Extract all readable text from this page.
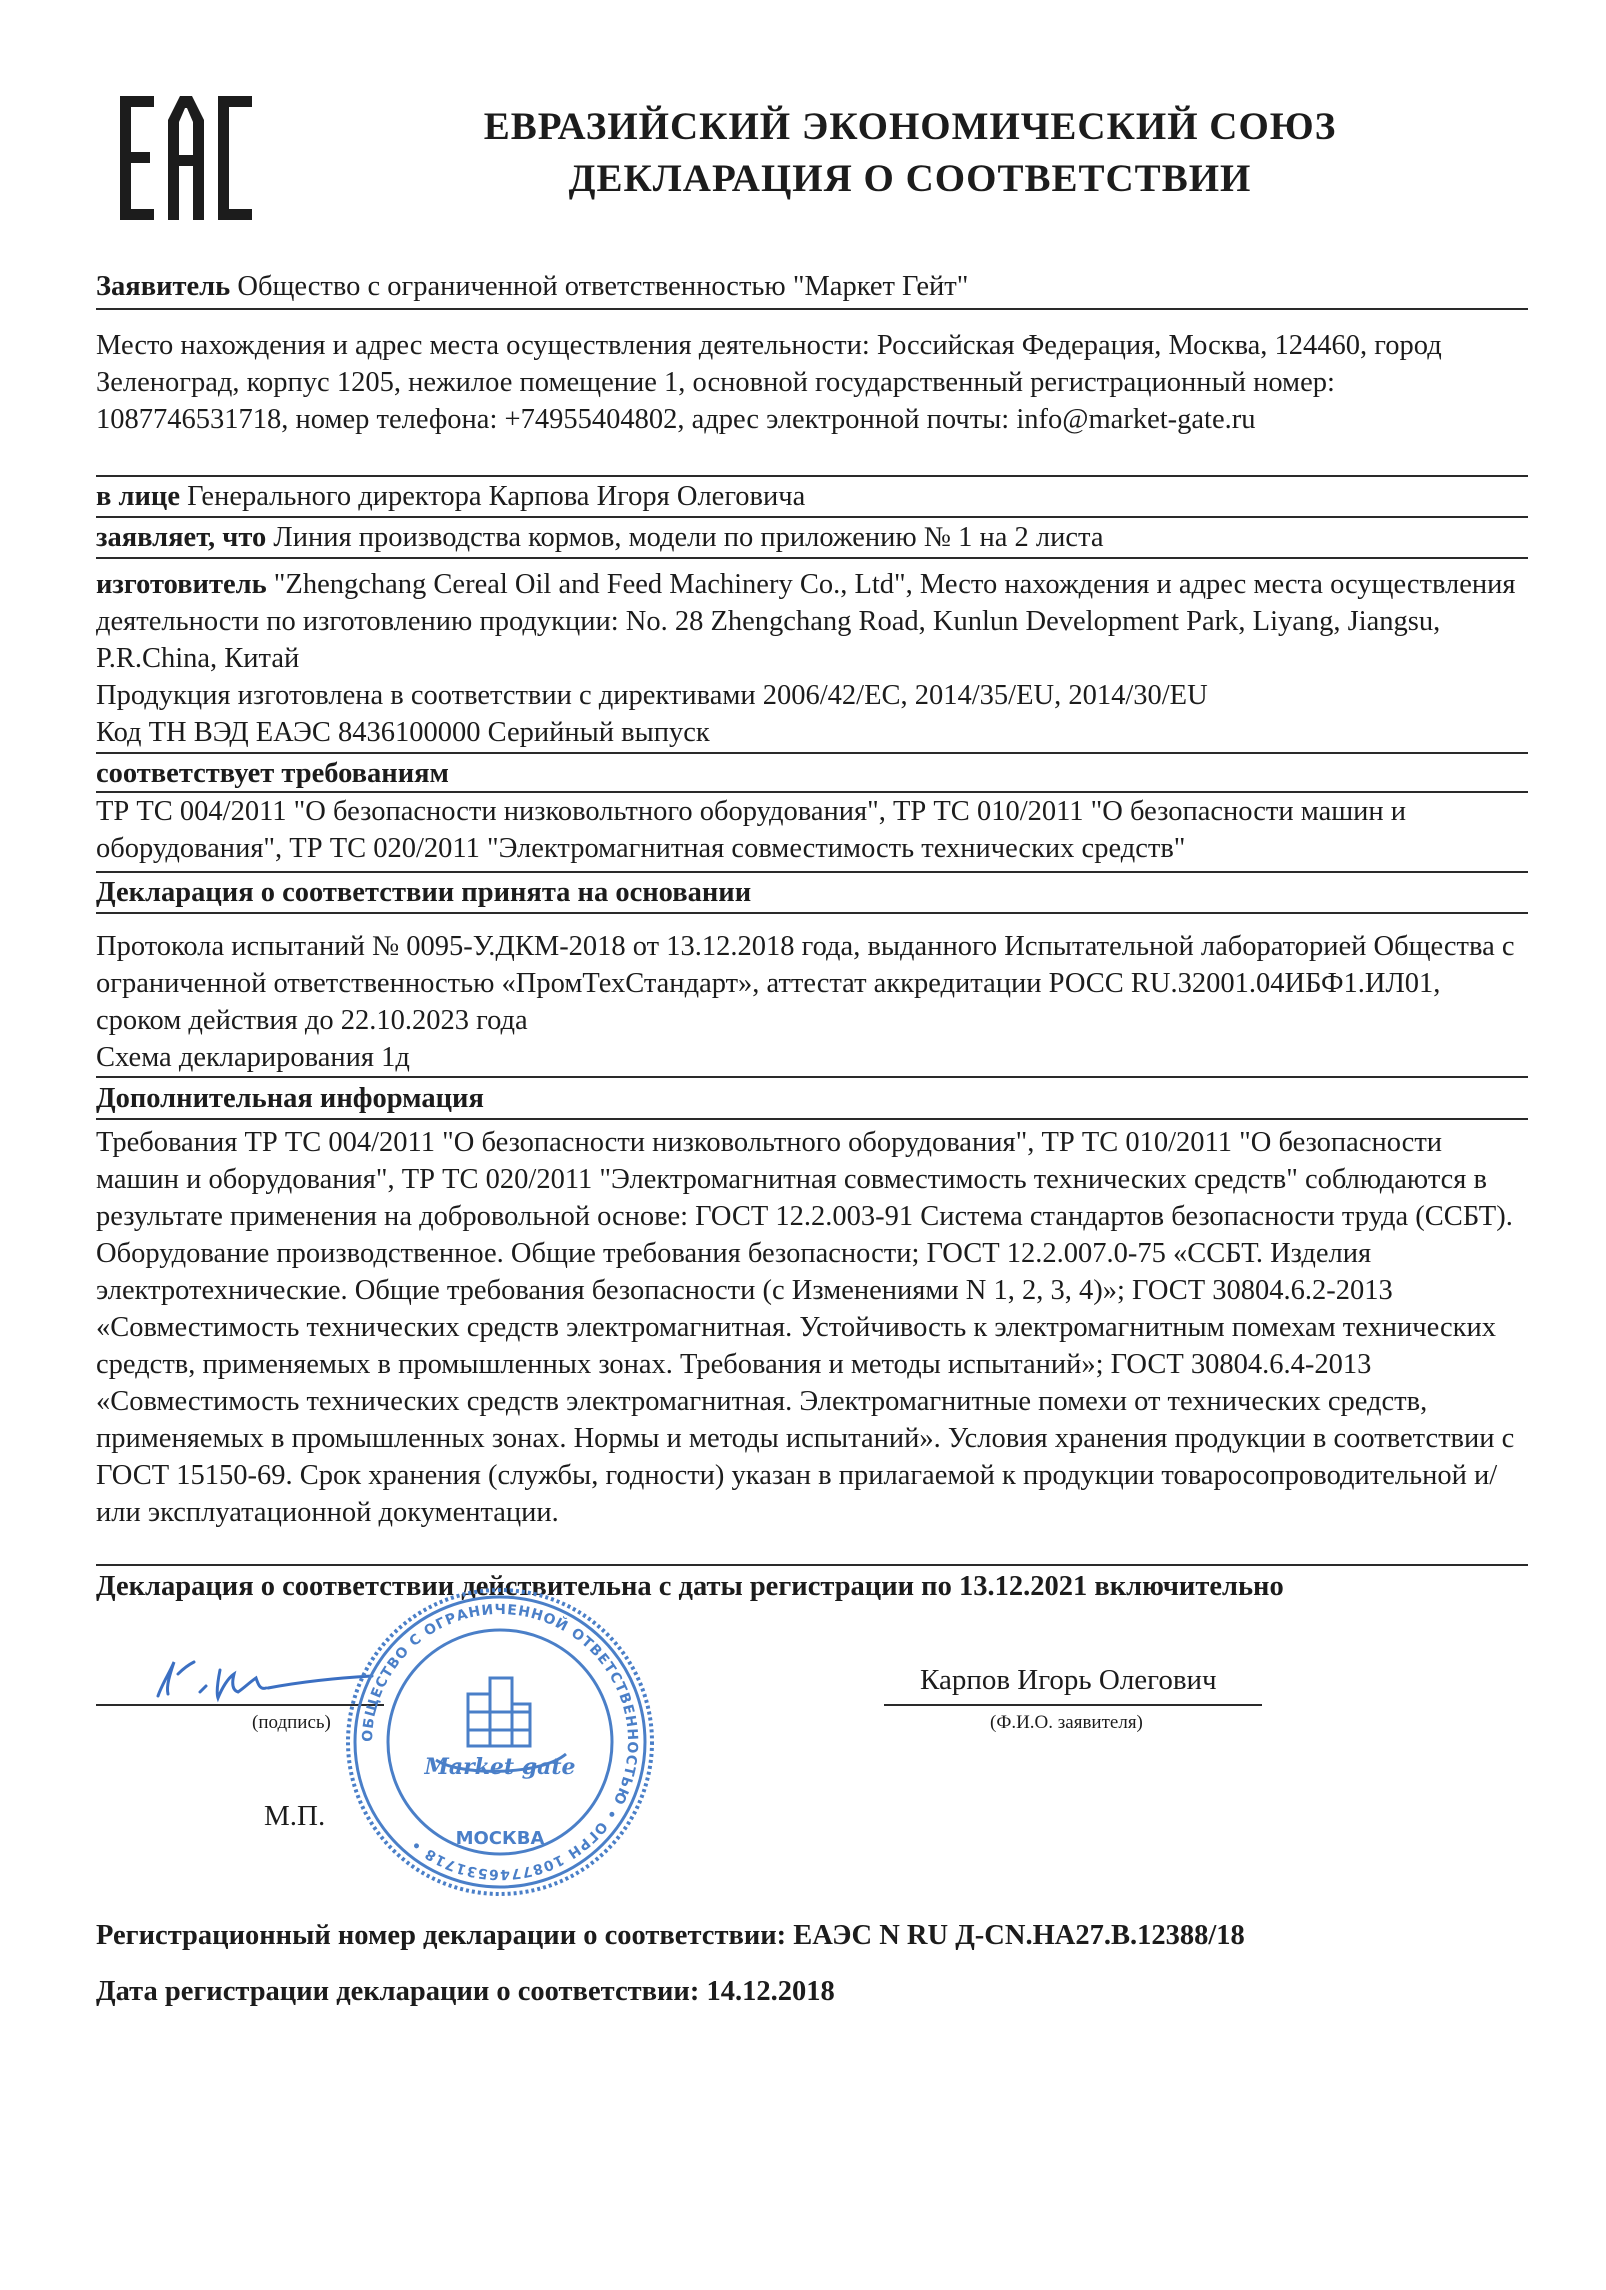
ЕВРАЗИЙСКИЙ ЭКОНОМИЧЕСКИЙ СОЮЗ
ДЕКЛАРАЦИЯ О СООТВЕТСТВИИ
Заявитель Общество с ограниченной ответственностью "Маркет Гейт"
Место нахождения и адрес места осуществления деятельности: Российская Федерация, Москва, 124460, город Зеленоград, корпус 1205, нежилое помещение 1, основной государственный регистрационный номер: 1087746531718, номер телефона: +74955404802, адрес электронной почты: info@market-gate.ru
в лице Генерального директора Карпова Игоря Олеговича
заявляет, что Линия производства кормов, модели по приложению № 1 на 2 листа
изготовитель "Zhengchang Cereal Oil and Feed Machinery Co., Ltd", Место нахождения и адрес места осуществления деятельности по изготовлению продукции: No. 28 Zhengchang Road, Kunlun Development Park, Liyang, Jiangsu, P.R.China, Китай
Продукция изготовлена в соответствии с директивами 2006/42/EC, 2014/35/EU, 2014/30/EU
Код ТН ВЭД ЕАЭС 8436100000 Серийный выпуск
соответствует требованиям
ТР ТС 004/2011 "О безопасности низковольтного оборудования", ТР ТС 010/2011 "О безопасности машин и оборудования", ТР ТС 020/2011 "Электромагнитная совместимость технических средств"
Декларация о соответствии принята на основании
Протокола испытаний № 0095-У.ДКМ-2018 от 13.12.2018 года, выданного Испытательной лабораторией Общества с ограниченной ответственностью «ПромТехСтандарт», аттестат аккредитации РОСС RU.32001.04ИБФ1.ИЛ01, сроком действия до 22.10.2023 года
Схема декларирования 1д
Дополнительная информация
Требования ТР ТС 004/2011 "О безопасности низковольтного оборудования", ТР ТС 010/2011 "О безопасности машин и оборудования", ТР ТС 020/2011 "Электромагнитная совместимость технических средств" соблюдаются в результате применения на добровольной основе: ГОСТ 12.2.003-91 Система стандартов безопасности труда (ССБТ). Оборудование производственное. Общие требования безопасности; ГОСТ 12.2.007.0-75 «ССБТ. Изделия электротехнические. Общие требования безопасности (с Изменениями N 1, 2, 3, 4)»; ГОСТ 30804.6.2-2013 «Совместимость технических средств электромагнитная. Устойчивость к электромагнитным помехам технических средств, применяемых в промышленных зонах. Требования и методы испытаний»; ГОСТ 30804.6.4-2013 «Совместимость технических средств электромагнитная. Электромагнитные помехи от технических средств, применяемых в промышленных зонах. Нормы и методы испытаний». Условия хранения продукции в соответствии с ГОСТ 15150-69. Срок хранения (службы, годности) указан в прилагаемой к продукции товаросопроводительной и/или эксплуатационной документации.
Декларация о соответствии действительна с даты регистрации по 13.12.2021 включительно
(подпись)
Карпов Игорь Олегович
(Ф.И.О. заявителя)
М.П.
ОБЩЕСТВО С ОГРАНИЧЕННОЙ ОТВЕТСТВЕННОСТЬЮ • ОГРН 1087746531718 •
Market gate
МОСКВА
Регистрационный номер декларации о соответствии: ЕАЭС N RU Д-CN.НА27.В.12388/18
Дата регистрации декларации о соответствии: 14.12.2018
